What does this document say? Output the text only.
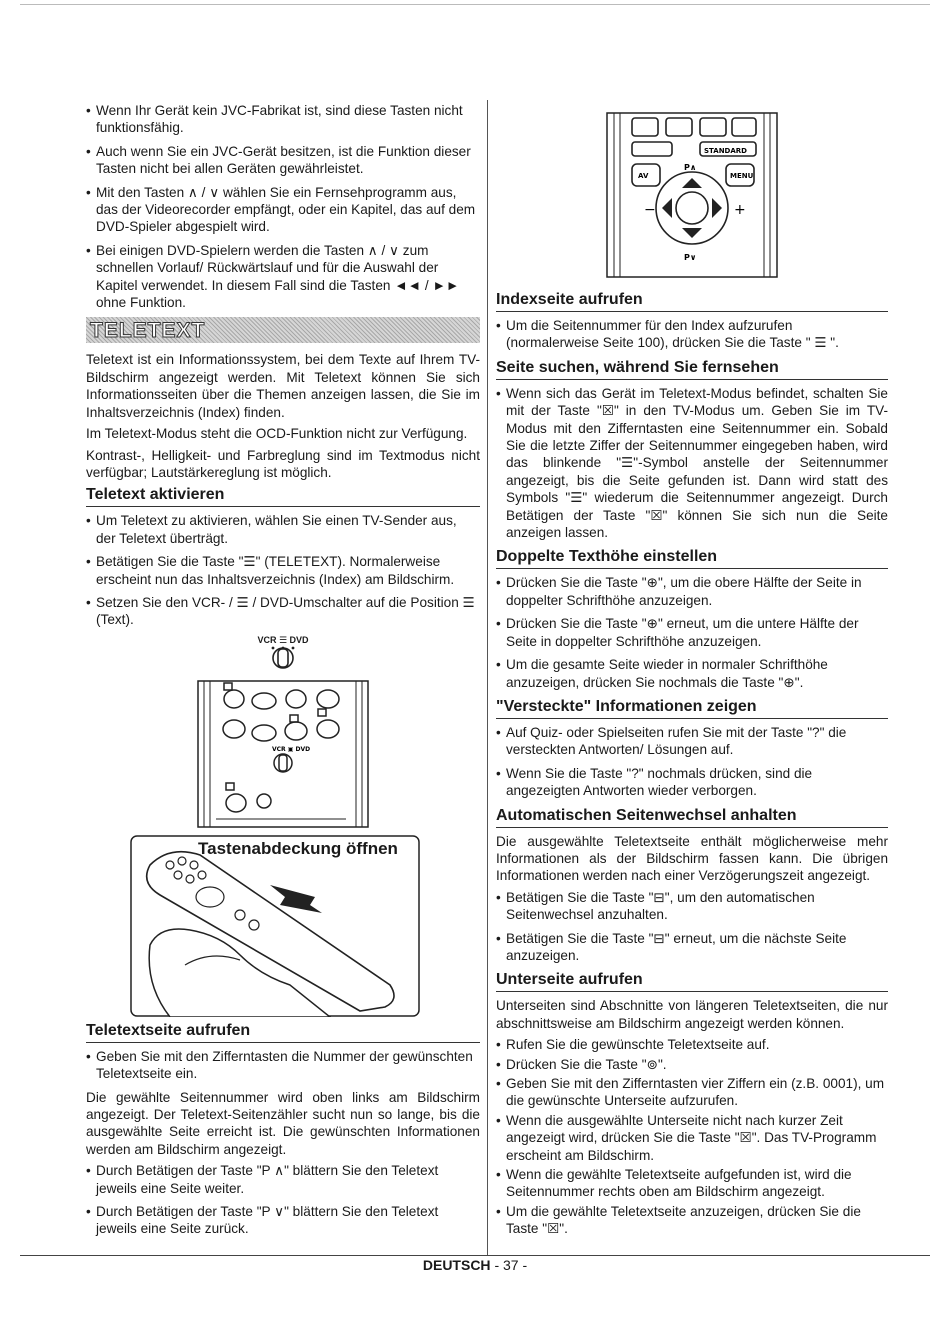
• Wenn Ihr Gerät kein JVC-Fabrikat ist, sind diese Tasten nicht funktionsfähig.
• Auch wenn Sie ein JVC-Gerät besitzen, ist die Funktion dieser Tasten nicht bei allen Geräten gewährleistet.
• Mit den Tasten ∧ / ∨ wählen Sie ein Fernsehprogramm aus, das der Videorecorder empfängt, oder ein Kapitel, das auf dem DVD-Spieler abgespielt wird.
• Bei einigen DVD-Spielern werden die Tasten ∧ / ∨ zum schnellen Vorlauf/ Rückwärtslauf und für die Auswahl der Kapitel verwendet. In diesem Fall sind die Tasten ◄◄ / ►► ohne Funktion.
TELETEXT

Teletext ist ein Informationssystem, bei dem Texte auf Ihrem TV-Bildschirm angezeigt werden. Mit Teletext können Sie sich Informationsseiten über die Themen anzeigen lassen, die Sie im Inhaltsverzeichnis (Index) finden.

Im Teletext-Modus steht die OCD-Funktion nicht zur Verfügung.

Kontrast-, Helligkeit- und Farbreglung sind im Textmodus nicht verfügbar; Lautstärkereglung ist möglich.

Teletext aktivieren
• Um Teletext zu aktivieren, wählen Sie einen TV-Sender aus, der Teletext überträgt.
• Betätigen Sie die Taste "☰" (TELETEXT). Normalerweise erscheint nun das Inhaltsverzeichnis (Index) am Bildschirm.
• Setzen Sie den VCR- / ☰ / DVD-Umschalter auf die Position ☰ (Text).
VCR ☰ DVD
VCR ▣ DVD
Tastenabdeckung öffnen
Teletextseite aufrufen
• Geben Sie mit den Zifferntasten die Nummer der gewünschten Teletextseite ein.

Die gewählte Seitennummer wird oben links am Bildschirm angezeigt. Der Teletext-Seitenzähler sucht nun so lange, bis die ausgewählte Seite erreicht ist. Die gewünschten Informationen werden am Bildschirm angezeigt.

• Durch Betätigen der Taste "P ∧" blättern Sie den Teletext jeweils eine Seite weiter.
• Durch Betätigen der Taste "P ∨" blättern Sie den Teletext jeweils eine Seite zurück.
STANDARD
MENU
AV
P∧
P∨
−	+
Indexseite aufrufen
• Um die Seitennummer für den Index aufzurufen (normalerweise Seite 100), drücken Sie die Taste " ☰ ".
Seite suchen, während Sie fernsehen
• Wenn sich das Gerät im Teletext-Modus befindet, schalten Sie mit der Taste "☒" in den TV-Modus um. Geben Sie im TV-Modus mit den Zifferntasten eine Seitennummer ein. Sobald Sie die letzte Ziffer der Seitennummer eingegeben haben, wird das blinkende "☰"-Symbol anstelle der Seitennummer angezeigt, bis die Seite gefunden ist. Dann wird statt des Symbols "☰" wiederum die Seitennummer angezeigt. Durch Betätigen der Taste "☒" können Sie sich nun die Seite anzeigen lassen.
Doppelte Texthöhe einstellen
• Drücken Sie die Taste "⊕", um die obere Hälfte der Seite in doppelter Schrifthöhe anzuzeigen.
• Drücken Sie die Taste "⊕" erneut, um die untere Hälfte der Seite in doppelter Schrifthöhe anzuzeigen.
• Um die gesamte Seite wieder in normaler Schrifthöhe anzuzeigen, drücken Sie nochmals die Taste "⊕".
"Versteckte" Informationen zeigen
• Auf Quiz- oder Spielseiten rufen Sie mit der Taste "?" die versteckten Antworten/ Lösungen auf.
• Wenn Sie die Taste "?" nochmals drücken, sind die angezeigten Antworten wieder verborgen.
Automatischen Seitenwechsel anhalten

Die ausgewählte Teletextseite enthält möglicherweise mehr Informationen als der Bildschirm fassen kann. Die übrigen Informationen werden nach einer Verzögerungszeit angezeigt.

• Betätigen Sie die Taste "⊟", um den automatischen Seitenwechsel anzuhalten.
• Betätigen Sie die Taste "⊟" erneut, um die nächste Seite anzuzeigen.
Unterseite aufrufen

Unterseiten sind Abschnitte von längeren Teletextseiten, die nur abschnittsweise am Bildschirm angezeigt werden können.

• Rufen Sie die gewünschte Teletextseite auf.
• Drücken Sie die Taste "⊚".
• Geben Sie mit den Zifferntasten vier Ziffern ein (z.B. 0001), um die gewünschte Unterseite aufzurufen.
• Wenn die ausgewählte Unterseite nicht nach kurzer Zeit angezeigt wird, drücken Sie die Taste "☒". Das TV-Programm erscheint am Bildschirm.
• Wenn die gewählte Teletextseite aufgefunden ist, wird die Seitennummer rechts oben am Bildschirm angezeigt.
• Um die gewählte Teletextseite anzuzeigen, drücken Sie die Taste "☒".
DEUTSCH - 37 -
